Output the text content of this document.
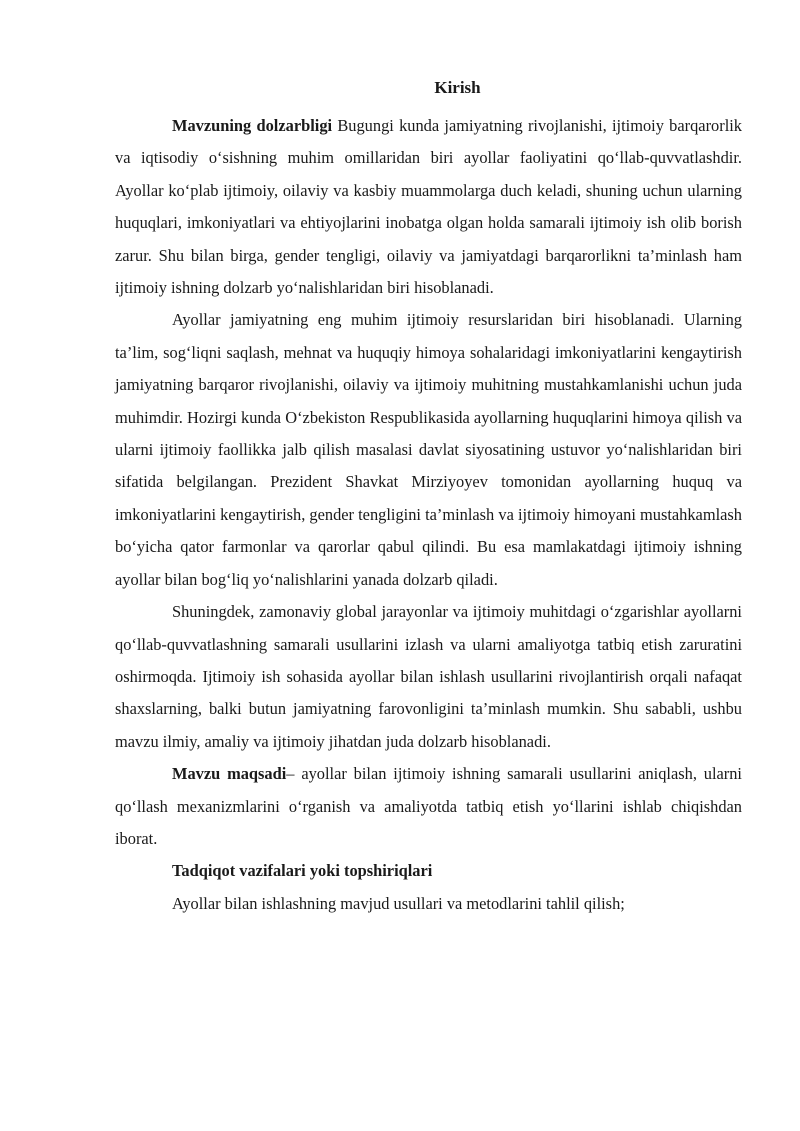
Kirish

Mavzuning dolzarbligi Bugungi kunda jamiyatning rivojlanishi, ijtimoiy barqarorlik va iqtisodiy o‘sishning muhim omillaridan biri ayollar faoliyatini qo‘llab-quvvatlashdir. Ayollar ko‘plab ijtimoiy, oilaviy va kasbiy muammolarga duch keladi, shuning uchun ularning huquqlari, imkoniyatlari va ehtiyojlarini inobatga olgan holda samarali ijtimoiy ish olib borish zarur. Shu bilan birga, gender tengligi, oilaviy va jamiyatdagi barqarorlikni ta’minlash ham ijtimoiy ishning dolzarb yo‘nalishlaridan biri hisoblanadi.

Ayollar jamiyatning eng muhim ijtimoiy resurslaridan biri hisoblanadi. Ularning ta’lim, sog‘liqni saqlash, mehnat va huquqiy himoya sohalaridagi imkoniyatlarini kengaytirish jamiyatning barqaror rivojlanishi, oilaviy va ijtimoiy muhitning mustahkamlanishi uchun juda muhimdir. Hozirgi kunda O‘zbekiston Respublikasida ayollarning huquqlarini himoya qilish va ularni ijtimoiy faollikka jalb qilish masalasi davlat siyosatining ustuvor yo‘nalishlaridan biri sifatida belgilangan. Prezident Shavkat Mirziyoyev tomonidan ayollarning huquq va imkoniyatlarini kengaytirish, gender tengligini ta’minlash va ijtimoiy himoyani mustahkamlash bo‘yicha qator farmonlar va qarorlar qabul qilindi. Bu esa mamlakatdagi ijtimoiy ishning ayollar bilan bog‘liq yo‘nalishlarini yanada dolzarb qiladi.

Shuningdek, zamonaviy global jarayonlar va ijtimoiy muhitdagi o‘zgarishlar ayollarni qo‘llab-quvvatlashning samarali usullarini izlash va ularni amaliyotga tatbiq etish zaruratini oshirmoqda. Ijtimoiy ish sohasida ayollar bilan ishlash usullarini rivojlantirish orqali nafaqat shaxslarning, balki butun jamiyatning farovonligini ta’minlash mumkin. Shu sababli, ushbu mavzu ilmiy, amaliy va ijtimoiy jihatdan juda dolzarb hisoblanadi.

Mavzu maqsadi– ayollar bilan ijtimoiy ishning samarali usullarini aniqlash, ularni qo‘llash mexanizmlarini o‘rganish va amaliyotda tatbiq etish yo‘llarini ishlab chiqishdan iborat.

Tadqiqot vazifalari yoki topshiriqlari

Ayollar bilan ishlashning mavjud usullari va metodlarini tahlil qilish;
